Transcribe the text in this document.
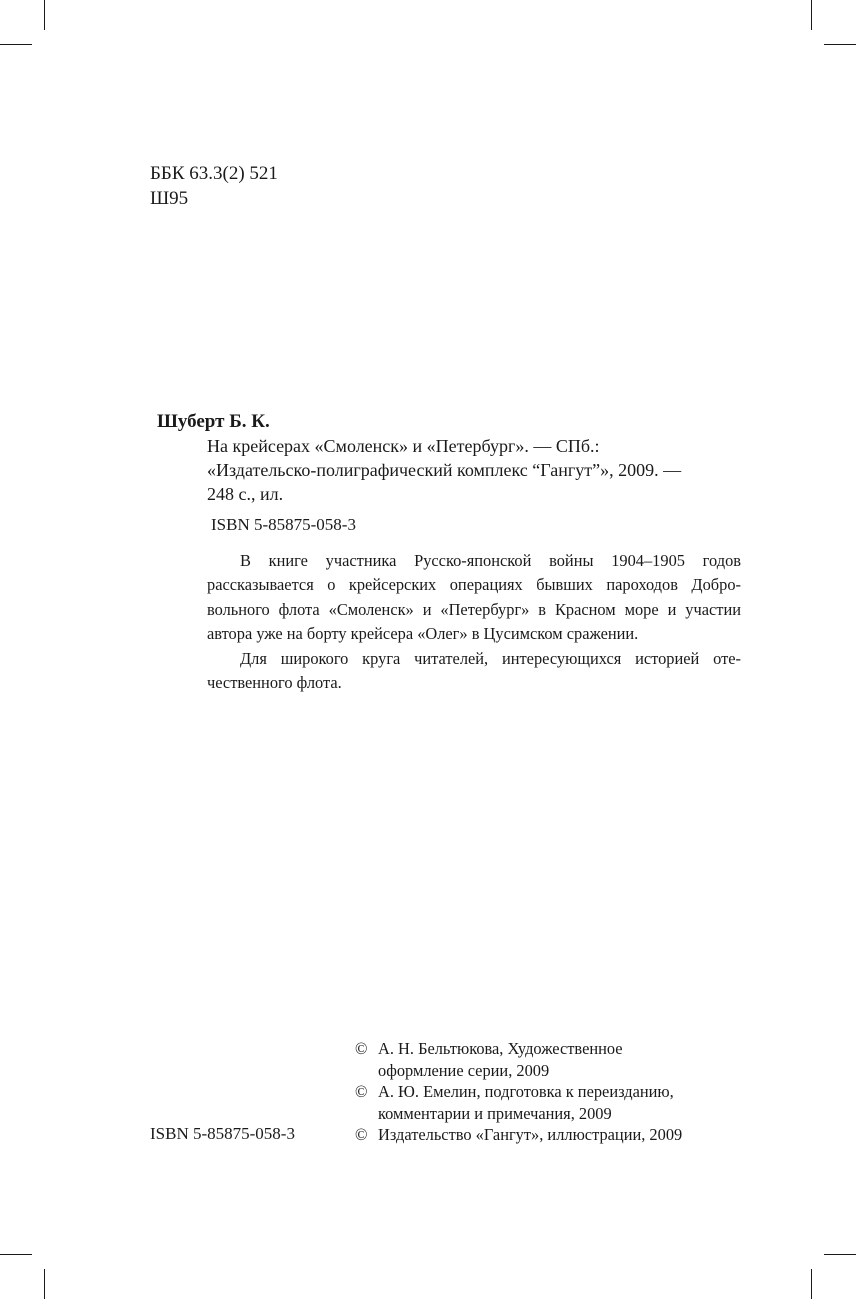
ББК 63.3(2) 521
Ш95
Шуберт Б. К.
На крейсерах «Смоленск» и «Петербург». — СПб.:
«Издательско-полиграфический комплекс “Гангут”», 2009. —
248 с., ил.
ISBN 5-85875-058-3
В книге участника Русско-японской войны 1904–1905 годов
рассказывается о крейсерских операциях бывших пароходов Добро-
вольного флота «Смоленск» и «Петербург» в Красном море и участии
автора уже на борту крейсера «Олег» в Цусимском сражении.
Для широкого круга читателей, интересующихся историей оте-
чественного флота.
© А. Н. Бельтюкова, Художественное
оформление серии, 2009
© А. Ю. Емелин, подготовка к переизданию,
комментарии и примечания, 2009
© Издательство «Гангут», иллюстрации, 2009
ISBN 5-85875-058-3
